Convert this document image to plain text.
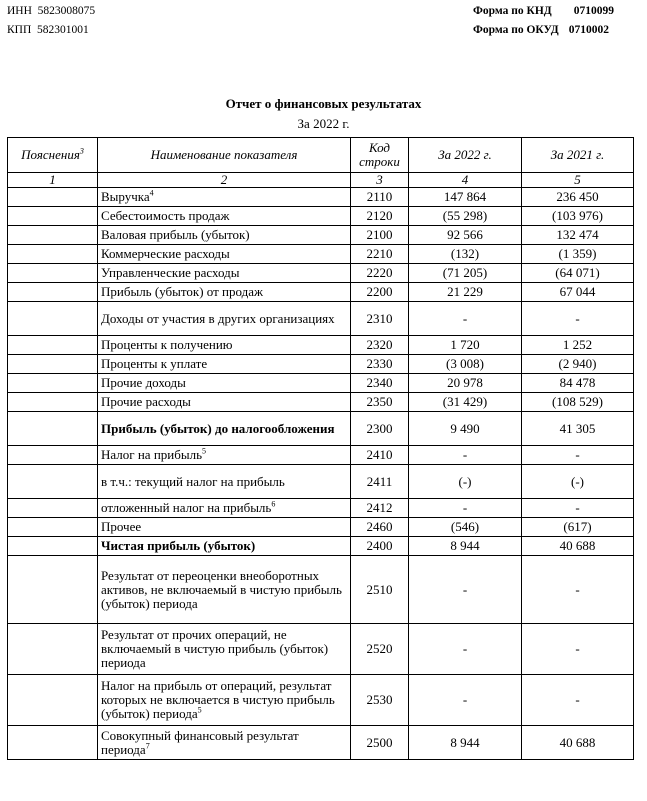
ИНН 5823008075
КПП 582301001
Форма по КНД 0710099
Форма по ОКУД 0710002
Отчет о финансовых результатах
За 2022 г.
Пояснения$^3$	Наименование показателя	Код строки	За 2022 г.	За 2021 г.
1	2	3	4	5
	Выручка$^4$	2110	147 864	236 450
	Себестоимость продаж	2120	(55 298)	(103 976)
	Валовая прибыль (убыток)	2100	92 566	132 474
	Коммерческие расходы	2210	(132)	(1 359)
	Управленческие расходы	2220	(71 205)	(64 071)
	Прибыль (убыток) от продаж	2200	21 229	67 044
	Доходы от участия в других организациях	2310	-	-
	Проценты к получению	2320	1 720	1 252
	Проценты к уплате	2330	(3 008)	(2 940)
	Прочие доходы	2340	20 978	84 478
	Прочие расходы	2350	(31 429)	(108 529)
	Прибыль (убыток) до налогообложения	2300	9 490	41 305
	Налог на прибыль$^5$	2410	-	-
	в т.ч.: текущий налог на прибыль	2411	(-)	(-)
	отложенный налог на прибыль$^6$	2412	-	-
	Прочее	2460	(546)	(617)
	Чистая прибыль (убыток)	2400	8 944	40 688
	Результат от переоценки внеоборотных активов, не включаемый в чистую прибыль (убыток) периода	2510	-	-
	Результат от прочих операций, не включаемый в чистую прибыль (убыток) периода	2520	-	-
	Налог на прибыль от операций, результат которых не включается в чистую прибыль (убыток) периода$^5$	2530	-	-
	Совокупный финансовый результат периода$^7$	2500	8 944	40 688
